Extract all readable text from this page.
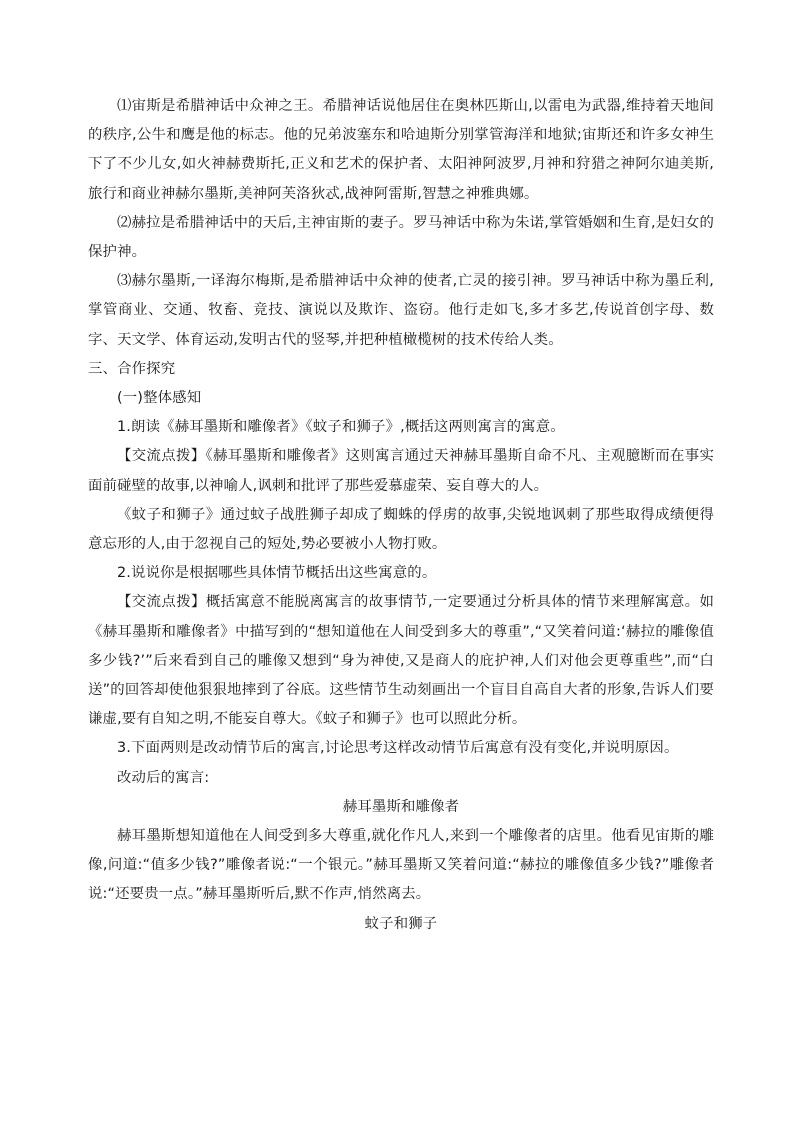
⑴宙斯是希腊神话中众神之王。希腊神话说他居住在奥林匹斯山,以雷电为武器,维持着天地间的秩序,公牛和鹰是他的标志。他的兄弟波塞东和哈迪斯分别掌管海洋和地狱;宙斯还和许多女神生下了不少儿女,如火神赫费斯托,正义和艺术的保护者、太阳神阿波罗,月神和狩猎之神阿尔迪美斯,旅行和商业神赫尔墨斯,美神阿芙洛狄忒,战神阿雷斯,智慧之神雅典娜。

⑵赫拉是希腊神话中的天后,主神宙斯的妻子。罗马神话中称为朱诺,掌管婚姻和生育,是妇女的保护神。

⑶赫尔墨斯,一译海尔梅斯,是希腊神话中众神的使者,亡灵的接引神。罗马神话中称为墨丘利,掌管商业、交通、牧畜、竞技、演说以及欺诈、盗窃。他行走如飞,多才多艺,传说首创字母、数字、天文学、体育运动,发明古代的竖琴,并把种植橄榄树的技术传给人类。

三、合作探究

(一)整体感知

1.朗读《赫耳墨斯和雕像者》《蚊子和狮子》,概括这两则寓言的寓意。

【交流点拨】《赫耳墨斯和雕像者》这则寓言通过天神赫耳墨斯自命不凡、主观臆断而在事实面前碰壁的故事,以神喻人,讽刺和批评了那些爱慕虚荣、妄自尊大的人。

《蚊子和狮子》通过蚊子战胜狮子却成了蜘蛛的俘虏的故事,尖锐地讽刺了那些取得成绩便得意忘形的人,由于忽视自己的短处,势必要被小人物打败。

2.说说你是根据哪些具体情节概括出这些寓意的。

【交流点拨】概括寓意不能脱离寓言的故事情节,一定要通过分析具体的情节来理解寓意。如《赫耳墨斯和雕像者》中描写到的“想知道他在人间受到多大的尊重”,“又笑着问道:‘赫拉的雕像值多少钱?’”后来看到自己的雕像又想到“身为神使,又是商人的庇护神,人们对他会更尊重些”,而“白送”的回答却使他狠狠地摔到了谷底。这些情节生动刻画出一个盲目自高自大者的形象,告诉人们要谦虚,要有自知之明,不能妄自尊大。《蚊子和狮子》也可以照此分析。

3.下面两则是改动情节后的寓言,讨论思考这样改动情节后寓意有没有变化,并说明原因。

改动后的寓言:

赫耳墨斯和雕像者

赫耳墨斯想知道他在人间受到多大尊重,就化作凡人,来到一个雕像者的店里。他看见宙斯的雕像,问道:“值多少钱?”雕像者说:“一个银元。”赫耳墨斯又笑着问道:“赫拉的雕像值多少钱?”雕像者说:“还要贵一点。”赫耳墨斯听后,默不作声,悄然离去。

蚊子和狮子
